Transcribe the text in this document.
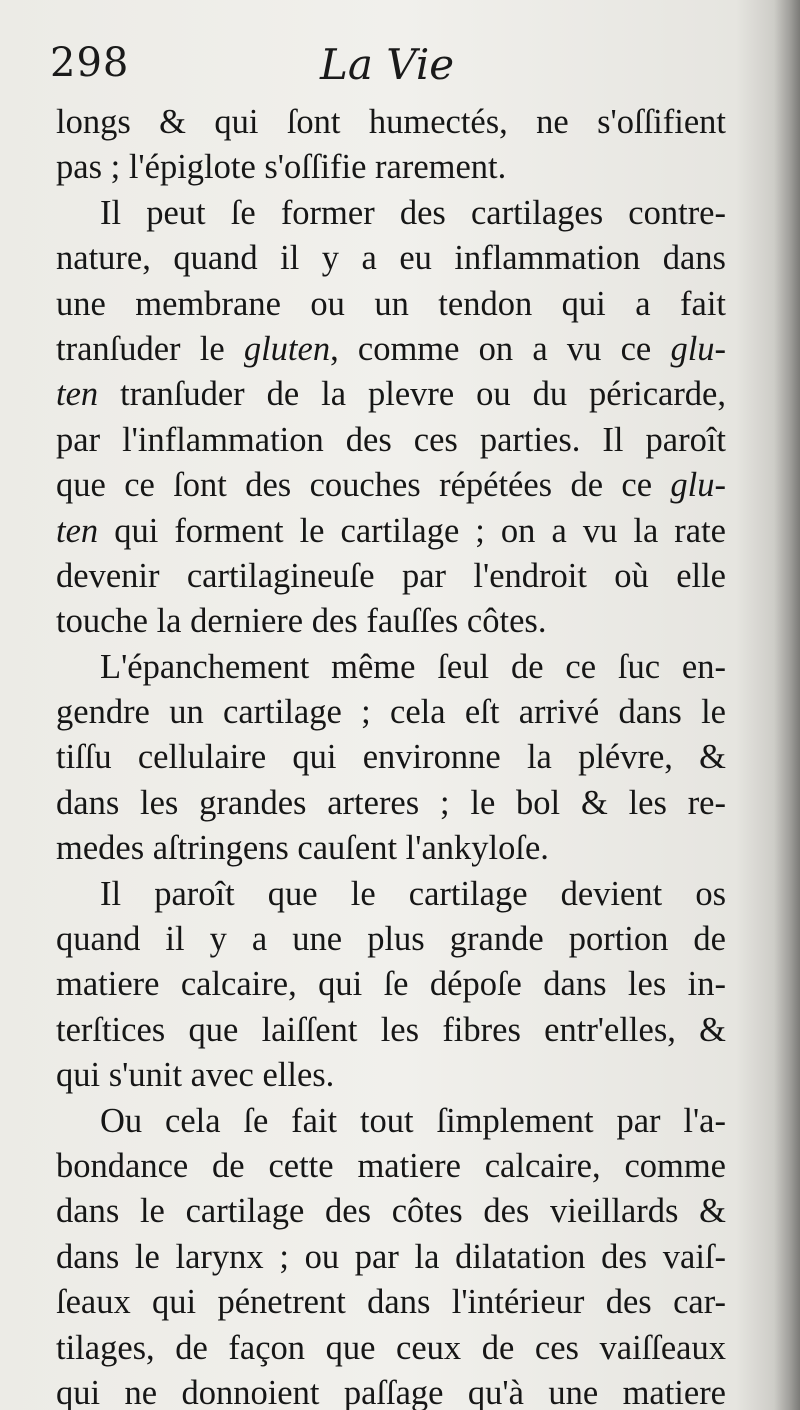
298	La Vie
longs & qui ſont humectés, ne s'oſſifient
pas ; l'épiglote s'oſſifie rarement.
Il peut ſe former des cartilages contre-
nature, quand il y a eu inflammation dans
une membrane ou un tendon qui a fait
tranſuder le gluten, comme on a vu ce glu-
ten tranſuder de la plevre ou du péricarde,
par l'inflammation des ces parties. Il paroît
que ce ſont des couches répétées de ce glu-
ten qui forment le cartilage ; on a vu la rate
devenir cartilagineuſe par l'endroit où elle
touche la derniere des fauſſes côtes.
L'épanchement même ſeul de ce ſuc en-
gendre un cartilage ; cela eſt arrivé dans le
tiſſu cellulaire qui environne la plévre, &
dans les grandes arteres ; le bol & les re-
medes aſtringens cauſent l'ankyloſe.
Il paroît que le cartilage devient os
quand il y a une plus grande portion de
matiere calcaire, qui ſe dépoſe dans les in-
terſtices que laiſſent les fibres entr'elles, &
qui s'unit avec elles.
Ou cela ſe fait tout ſimplement par l'a-
bondance de cette matiere calcaire, comme
dans le cartilage des côtes des vieillards &
dans le larynx ; ou par la dilatation des vaiſ-
ſeaux qui pénetrent dans l'intérieur des car-
tilages, de façon que ceux de ces vaiſſeaux
qui ne donnoient paſſage qu'à une matiere
